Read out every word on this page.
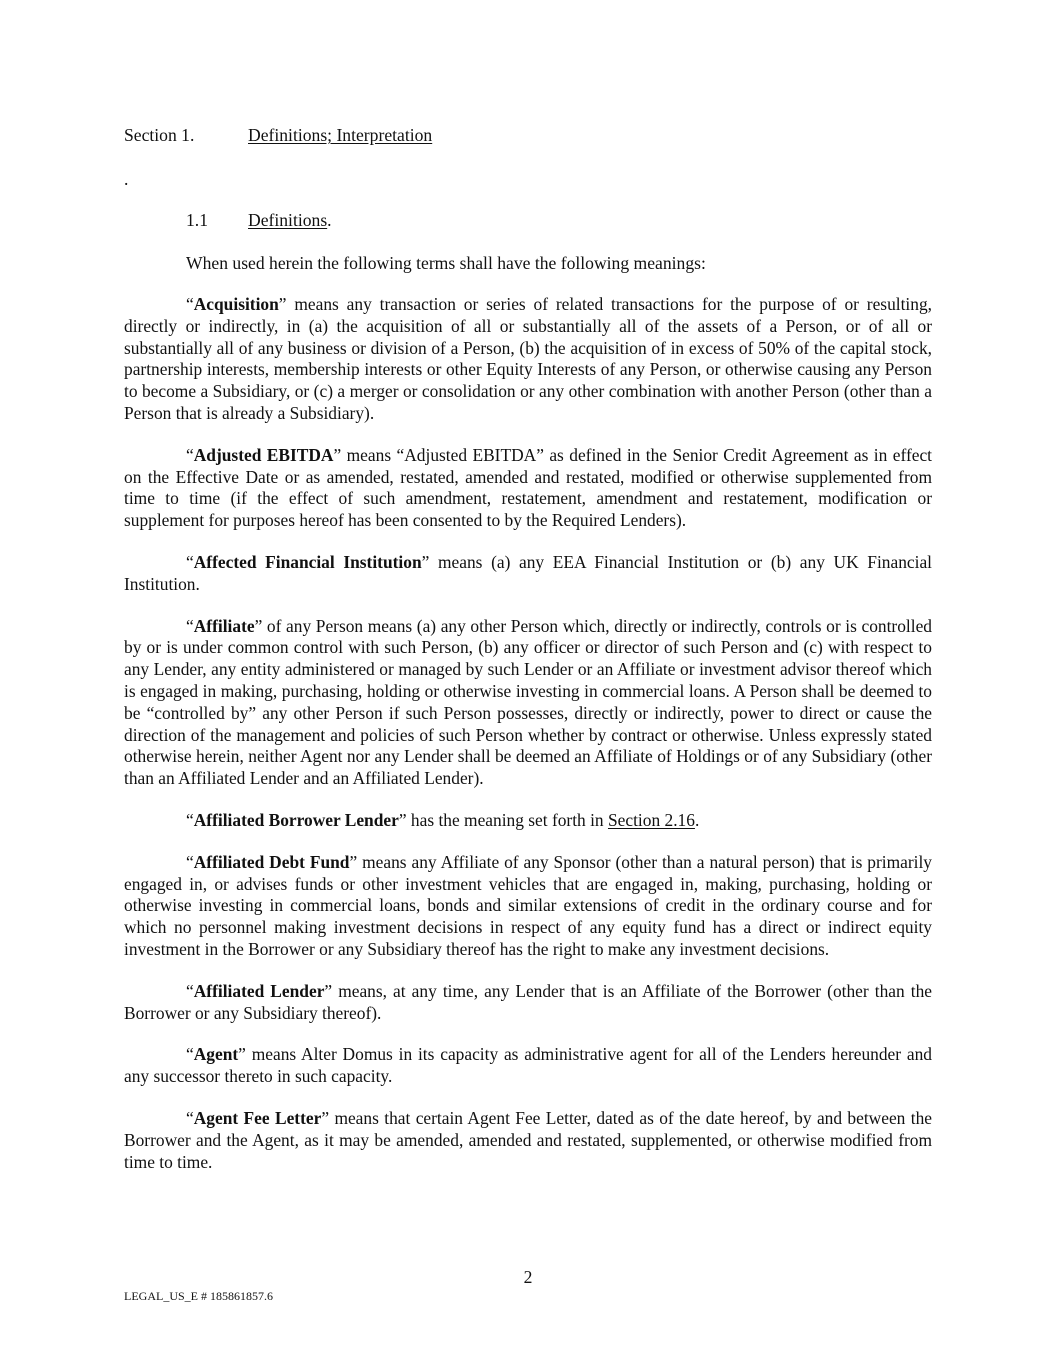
Section 1.	Definitions; Interpretation
.
1.1 Definitions.
When used herein the following terms shall have the following meanings:

“Acquisition” means any transaction or series of related transactions for the purpose of or resulting, directly or indirectly, in (a) the acquisition of all or substantially all of the assets of a Person, or of all or substantially all of any business or division of a Person, (b) the acquisition of in excess of 50% of the capital stock, partnership interests, membership interests or other Equity Interests of any Person, or otherwise causing any Person to become a Subsidiary, or (c) a merger or consolidation or any other combination with another Person (other than a Person that is already a Subsidiary).

“Adjusted EBITDA” means “Adjusted EBITDA” as defined in the Senior Credit Agreement as in effect on the Effective Date or as amended, restated, amended and restated, modified or otherwise supplemented from time to time (if the effect of such amendment, restatement, amendment and restatement, modification or supplement for purposes hereof has been consented to by the Required Lenders).

“Affected Financial Institution” means (a) any EEA Financial Institution or (b) any UK Financial Institution.

“Affiliate” of any Person means (a) any other Person which, directly or indirectly, controls or is controlled by or is under common control with such Person, (b) any officer or director of such Person and (c) with respect to any Lender, any entity administered or managed by such Lender or an Affiliate or investment advisor thereof which is engaged in making, purchasing, holding or otherwise investing in commercial loans. A Person shall be deemed to be “controlled by” any other Person if such Person possesses, directly or indirectly, power to direct or cause the direction of the management and policies of such Person whether by contract or otherwise. Unless expressly stated otherwise herein, neither Agent nor any Lender shall be deemed an Affiliate of Holdings or of any Subsidiary (other than an Affiliated Lender and an Affiliated Lender).

“Affiliated Borrower Lender” has the meaning set forth in Section 2.16.

“Affiliated Debt Fund” means any Affiliate of any Sponsor (other than a natural person) that is primarily engaged in, or advises funds or other investment vehicles that are engaged in, making, purchasing, holding or otherwise investing in commercial loans, bonds and similar extensions of credit in the ordinary course and for which no personnel making investment decisions in respect of any equity fund has a direct or indirect equity investment in the Borrower or any Subsidiary thereof has the right to make any investment decisions.

“Affiliated Lender” means, at any time, any Lender that is an Affiliate of the Borrower (other than the Borrower or any Subsidiary thereof).

“Agent” means Alter Domus in its capacity as administrative agent for all of the Lenders hereunder and any successor thereto in such capacity.

“Agent Fee Letter” means that certain Agent Fee Letter, dated as of the date hereof, by and between the Borrower and the Agent, as it may be amended, amended and restated, supplemented, or otherwise modified from time to time.

2
LEGAL_US_E # 185861857.6
